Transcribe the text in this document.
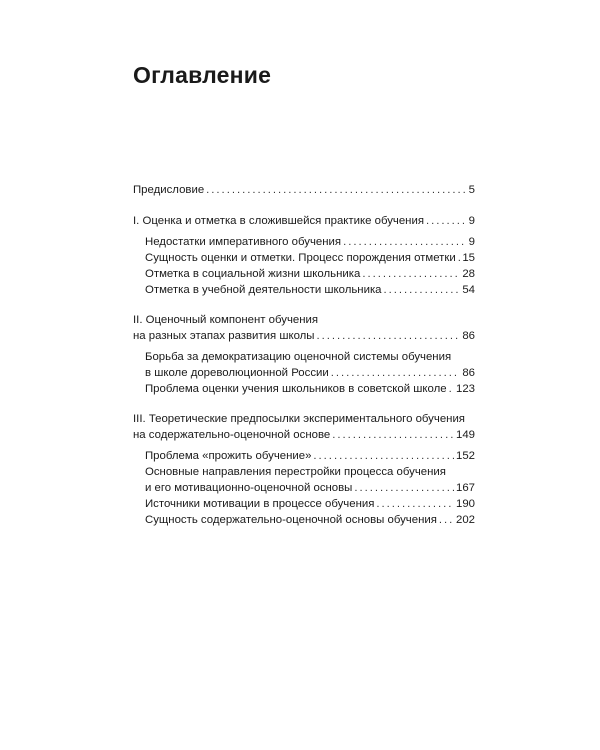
Оглавление
Предисловие . . .	5
I. Оценка и отметка в сложившейся практике обучения . . .	9
Недостатки императивного обучения . . .	9
Сущность оценки и отметки. Процесс порождения отметки . . . 15
Отметка в социальной жизни школьника . . .	28
Отметка в учебной деятельности школьника . . .	54
II. Оценочный компонент обучения
на разных этапах развития школы . . .	86
Борьба за демократизацию оценочной системы обучения
в школе дореволюционной России . . .	86
Проблема оценки учения школьников в советской школе . . . 123
III. Теоретические предпосылки экспериментального обучения
на содержательно-оценочной основе . . .	149
Проблема «прожить обучение» . . .	152
Основные направления перестройки процесса обучения
и его мотивационно-оценочной основы . . .	167
Источники мотивации в процессе обучения . . .	190
Сущность содержательно-оценочной основы обучения . . . 202
